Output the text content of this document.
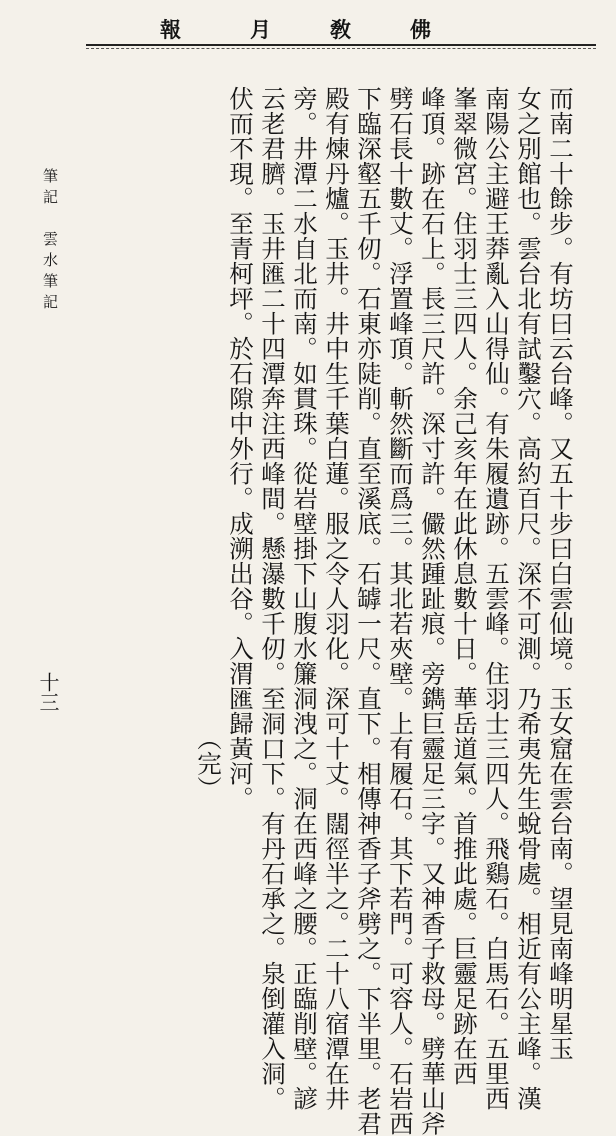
報	月	敎	佛
而南二十餘步。有坊曰云台峰。又五十步曰白雲仙境。玉女窟在雲台南。望見南峰明星玉
女之別館也。雲台北有試鑿穴。高約百尺。深不可測。乃希夷先生蛻骨處。相近有公主峰。漢
南陽公主避王莽亂入山得仙。有朱履遺跡。五雲峰。住羽士三四人。飛鷄石。白馬石。五里西
峯翠微宮。住羽士三四人。余己亥年在此休息數十日。華岳道氣。首推此處。巨靈足跡在西
峰頂。跡在石上。長三尺許。深寸許。儼然踵趾痕。旁鐫巨靈足三字。又神香子救母。劈華山斧
劈石長十數丈。浮置峰頂。斬然斷而爲三。其北若夾壁。上有履石。其下若門。可容人。石岩西
下臨深壑五千仞。石東亦陡削。直至溪底。石罅一尺。直下。相傳神香子斧劈之。下半里。老君
殿有煉丹爐。玉井。井中生千葉白蓮。服之令人羽化。深可十丈。闊徑半之。二十八宿潭在井
旁。井潭二水自北而南。如貫珠。從岩壁掛下山腹水簾洞洩之。洞在西峰之腰。正臨削壁。諺
云老君臍。玉井匯二十四潭奔注西峰間。懸瀑數千仞。至洞口下。有丹石承之。泉倒灌入洞。
伏而不現。至青柯坪。於石隙中外行。成溯出谷。入渭匯歸黃河。
（完）
筆記　雲水筆記
十三
